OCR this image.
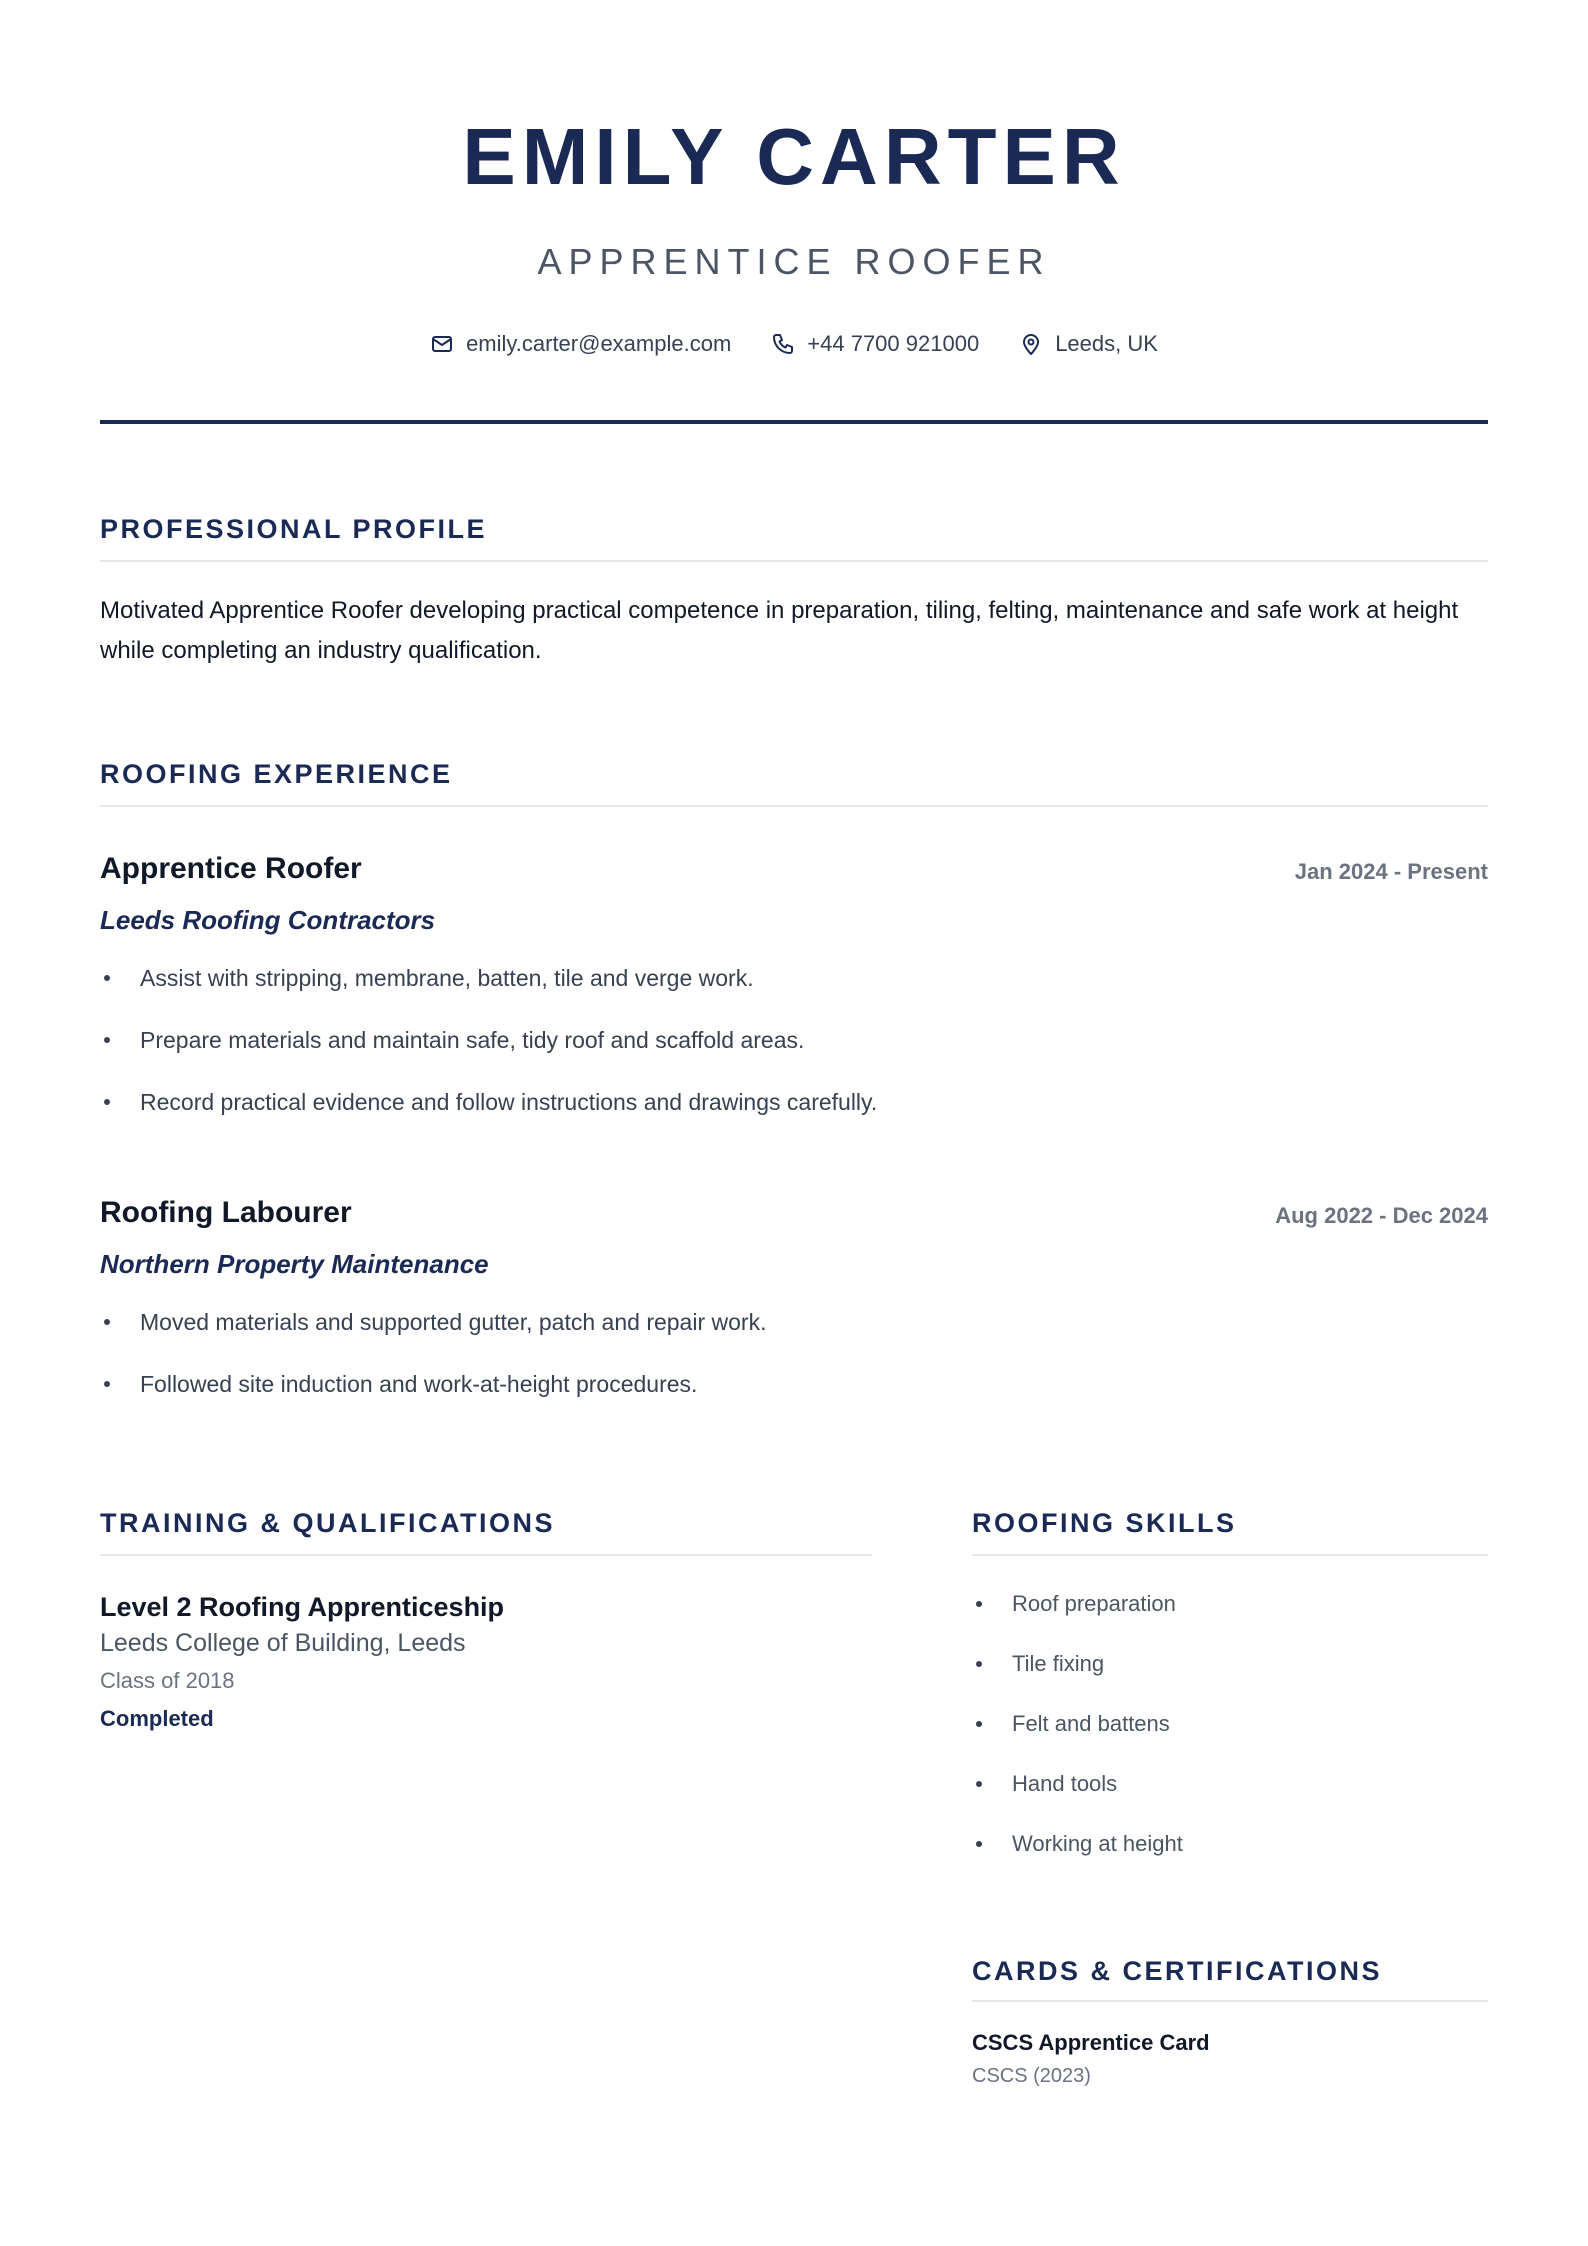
EMILY CARTER
APPRENTICE ROOFER
emily.carter@example.com	+44 7700 921000	Leeds, UK
PROFESSIONAL PROFILE
Motivated Apprentice Roofer developing practical competence in preparation, tiling, felting, maintenance and safe work at height while completing an industry qualification.
ROOFING EXPERIENCE
Apprentice Roofer	Jan 2024 - Present
Leeds Roofing Contractors
Assist with stripping, membrane, batten, tile and verge work.
Prepare materials and maintain safe, tidy roof and scaffold areas.
Record practical evidence and follow instructions and drawings carefully.
Roofing Labourer	Aug 2022 - Dec 2024
Northern Property Maintenance
Moved materials and supported gutter, patch and repair work.
Followed site induction and work-at-height procedures.
TRAINING & QUALIFICATIONS
Level 2 Roofing Apprenticeship
Leeds College of Building, Leeds
Class of 2018
Completed
ROOFING SKILLS
Roof preparation
Tile fixing
Felt and battens
Hand tools
Working at height
CARDS & CERTIFICATIONS
CSCS Apprentice Card
CSCS (2023)
